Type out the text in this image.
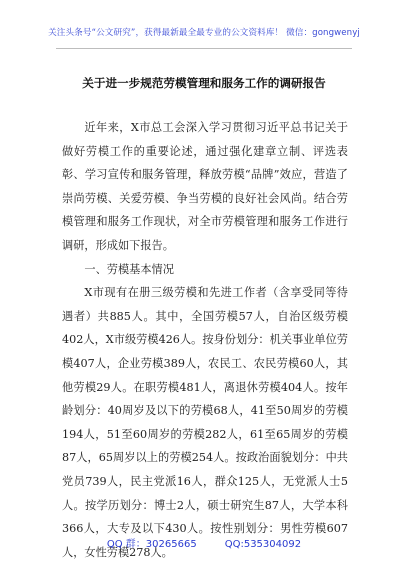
关注头条号“公文研究”，获得最新最全最专业的公文资料库！ 微信：gongwenyj
关于进一步规范劳模管理和服务工作的调研报告

近年来，X市总工会深入学习贯彻习近平总书记关于做好劳模工作的重要论述，通过强化建章立制、评选表彰、学习宣传和服务管理，释放劳模“品牌”效应，营造了崇尚劳模、关爱劳模、争当劳模的良好社会风尚。结合劳模管理和服务工作现状，对全市劳模管理和服务工作进行调研，形成如下报告。

一、劳模基本情况

X市现有在册三级劳模和先进工作者（含享受同等待遇者）共885人。其中，全国劳模57人，自治区级劳模402人，X市级劳模426人。按身份划分：机关事业单位劳模407人，企业劳模389人，农民工、农民劳模60人，其他劳模29人。在职劳模481人，离退休劳模404人。按年龄划分：40周岁及以下的劳模68人，41至50周岁的劳模194人，51至60周岁的劳模282人，61至65周岁的劳模87人，65周岁以上的劳模254人。按政治面貌划分：中共党员739人，民主党派16人，群众125人，无党派人士5人。按学历划分：博士2人，硕士研究生87人，大学本科366人，大专及以下430人。按性别划分：男性劳模607人，女性劳模278人。

QQ 群：30265665	QQ:535304092
